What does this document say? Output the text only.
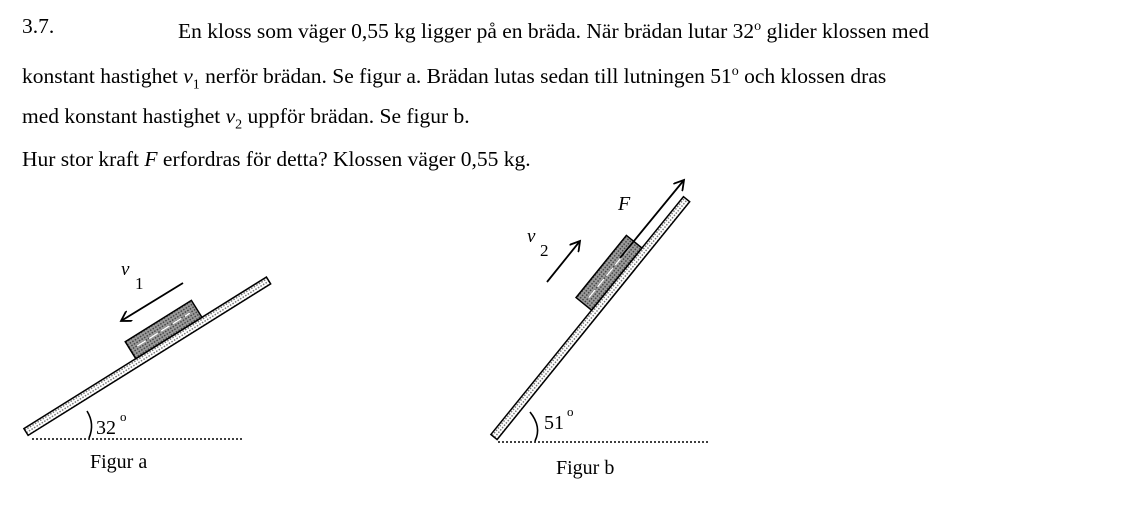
3.7.	En kloss som väger 0,55 kg ligger på en bräda. När brädan lutar 32$^o$ glider klossen med
konstant hastighet $v_1$ nerför brädan. Se figur a. Brädan lutas sedan till lutningen 51$^o$ och klossen dras
med konstant hastighet $v_2$ uppför brädan. Se figur b.
Hur stor kraft F erfordras för detta? Klossen väger 0,55 kg.
v
1
32
o
Figur a
F
v
2
51
o
Figur b
